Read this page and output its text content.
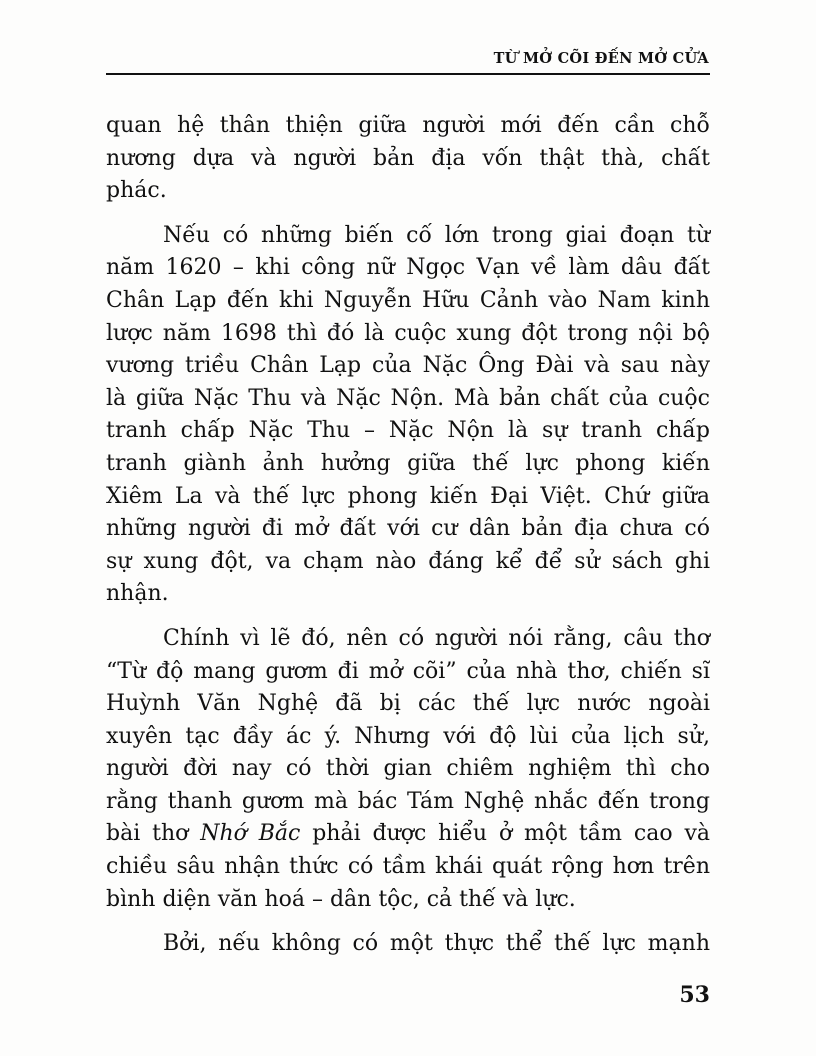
TỪ MỞ CÕI ĐẾN MỞ CỬA
quan hệ thân thiện giữa người mới đến cần chỗ
nương dựa và người bản địa vốn thật thà, chất
phác.
Nếu có những biến cố lớn trong giai đoạn từ
năm 1620 – khi công nữ Ngọc Vạn về làm dâu đất
Chân Lạp đến khi Nguyễn Hữu Cảnh vào Nam kinh
lược năm 1698 thì đó là cuộc xung đột trong nội bộ
vương triều Chân Lạp của Nặc Ông Đài và sau này
là giữa Nặc Thu và Nặc Nộn. Mà bản chất của cuộc
tranh chấp Nặc Thu – Nặc Nộn là sự tranh chấp
tranh giành ảnh hưởng giữa thế lực phong kiến
Xiêm La và thế lực phong kiến Đại Việt. Chứ giữa
những người đi mở đất với cư dân bản địa chưa có
sự xung đột, va chạm nào đáng kể để sử sách ghi
nhận.
Chính vì lẽ đó, nên có người nói rằng, câu thơ
“Từ độ mang gươm đi mở cõi” của nhà thơ, chiến sĩ
Huỳnh Văn Nghệ đã bị các thế lực nước ngoài
xuyên tạc đầy ác ý. Nhưng với độ lùi của lịch sử,
người đời nay có thời gian chiêm nghiệm thì cho
rằng thanh gươm mà bác Tám Nghệ nhắc đến trong
bài thơ Nhớ Bắc phải được hiểu ở một tầm cao và
chiều sâu nhận thức có tầm khái quát rộng hơn trên
bình diện văn hoá – dân tộc, cả thế và lực.
Bởi, nếu không có một thực thể thế lực mạnh
53
